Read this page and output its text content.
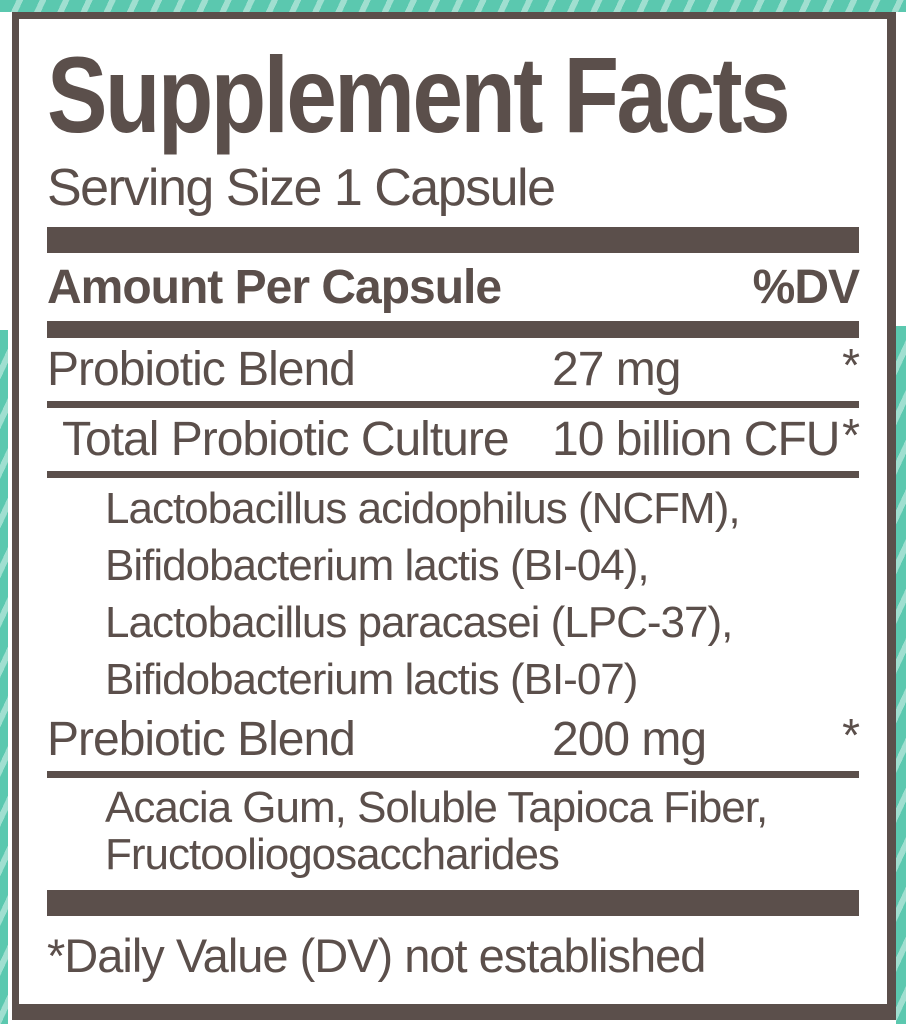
Supplement Facts
Serving Size 1 Capsule
Amount Per Capsule	%DV
Probiotic Blend	27 mg	*
Total Probiotic Culture 10 billion CFU *
Lactobacillus acidophilus (NCFM),
Bifidobacterium lactis (BI-04),
Lactobacillus paracasei (LPC-37),
Bifidobacterium lactis (BI-07)
Prebiotic Blend	200 mg	*
Acacia Gum, Soluble Tapioca Fiber,
Fructooliogosaccharides
*Daily Value (DV) not established
